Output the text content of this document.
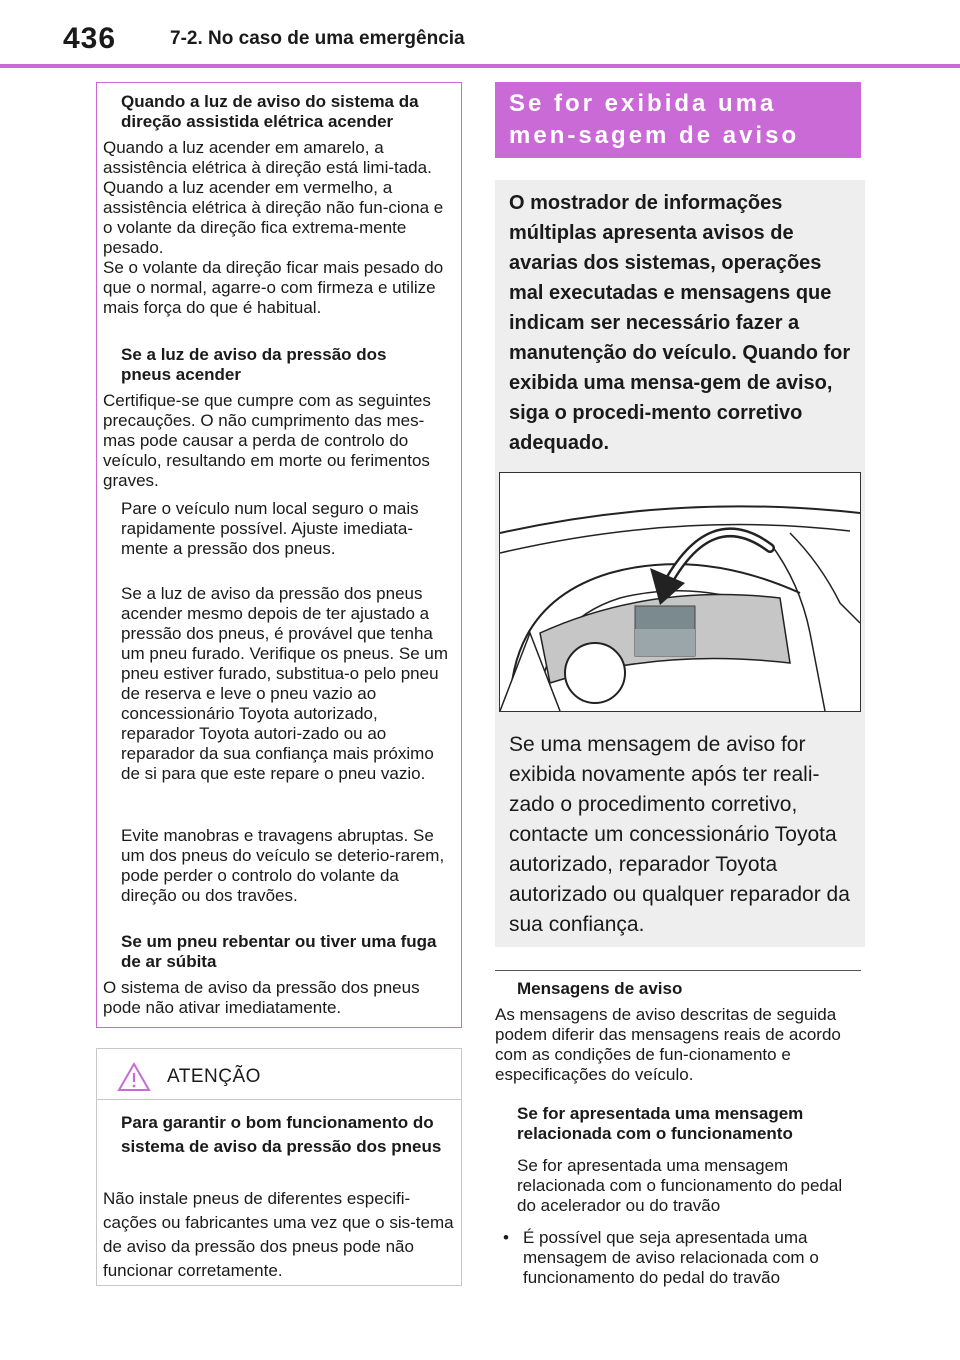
436	7-2. No caso de uma emergência

Quando a luz de aviso do sistema da direção assistida elétrica acender

Quando a luz acender em amarelo, a assistência elétrica à direção está limi-tada. Quando a luz acender em vermelho, a assistência elétrica à direção não fun-ciona e o volante da direção fica extrema-mente pesado.
Se o volante da direção ficar mais pesado do que o normal, agarre-o com firmeza e utilize mais força do que é habitual.

Se a luz de aviso da pressão dos pneus acender

Certifique-se que cumpre com as seguintes precauções. O não cumprimento das mes-mas pode causar a perda de controlo do veículo, resultando em morte ou ferimentos graves.

Pare o veículo num local seguro o mais rapidamente possível. Ajuste imediata-mente a pressão dos pneus.

Se a luz de aviso da pressão dos pneus acender mesmo depois de ter ajustado a pressão dos pneus, é provável que tenha um pneu furado. Verifique os pneus. Se um pneu estiver furado, substitua-o pelo pneu de reserva e leve o pneu vazio ao concessionário Toyota autorizado, reparador Toyota autori-zado ou ao reparador da sua confiança mais próximo de si para que este repare o pneu vazio.

Evite manobras e travagens abruptas. Se um dos pneus do veículo se deterio-rarem, pode perder o controlo do volante da direção ou dos travões.

Se um pneu rebentar ou tiver uma fuga de ar súbita

O sistema de aviso da pressão dos pneus pode não ativar imediatamente.

ATENÇÃO

Para garantir o bom funcionamento do sistema de aviso da pressão dos pneus

Não instale pneus de diferentes especifi-cações ou fabricantes uma vez que o sis-tema de aviso da pressão dos pneus pode não funcionar corretamente.

Se for exibida uma men-sagem de aviso

O mostrador de informações múltiplas apresenta avisos de avarias dos sistemas, operações mal executadas e mensagens que indicam ser necessário fazer a manutenção do veículo. Quando for exibida uma mensa-gem de aviso, siga o procedi-mento corretivo adequado.

Se uma mensagem de aviso for exibida novamente após ter reali-zado o procedimento corretivo, contacte um concessionário Toyota autorizado, reparador Toyota autorizado ou qualquer reparador da sua confiança.

Mensagens de aviso

As mensagens de aviso descritas de seguida podem diferir das mensagens reais de acordo com as condições de fun-cionamento e especificações do veículo.

Se for apresentada uma mensagem relacionada com o funcionamento

Se for apresentada uma mensagem relacionada com o funcionamento do pedal do acelerador ou do travão

• É possível que seja apresentada uma mensagem de aviso relacionada com o funcionamento do pedal do travão
